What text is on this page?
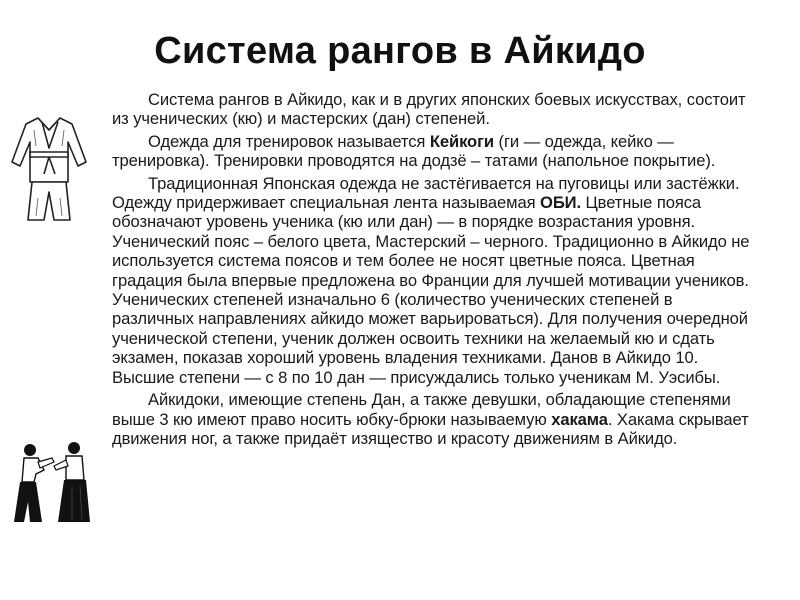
Система рангов в Айкидо

Система рангов в Айкидо, как и в других японских боевых искусствах, состоит из ученических (кю) и мастерских (дан) степеней.

Одежда для тренировок называется Кейкоги (ги — одежда, кейко — тренировка). Тренировки проводятся на додзё – татами (напольное покрытие).

Традиционная Японская одежда не застёгивается на пуговицы или застёжки. Одежду придерживает специальная лента называемая ОБИ. Цветные пояса обозначают уровень ученика (кю или дан) — в порядке возрастания уровня. Ученический пояс – белого цвета, Мастерский – черного. Традиционно в Айкидо не используется система поясов и тем более не носят цветные пояса. Цветная градация была впервые предложена во Франции для лучшей мотивации учеников. Ученических степеней изначально 6 (количество ученических степеней в различных направлениях айкидо может варьироваться). Для получения очередной ученической степени, ученик должен освоить техники на желаемый кю и сдать экзамен, показав хороший уровень владения техниками. Данов в Айкидо 10. Высшие степени — с 8 по 10 дан — присуждались только ученикам М. Уэсибы.

Айкидоки, имеющие степень Дан, а также девушки, обладающие степенями выше 3 кю имеют право носить юбку-брюки называемую хакама. Хакама скрывает движения ног, а также придаёт изящество и красоту движениям в Айкидо.
